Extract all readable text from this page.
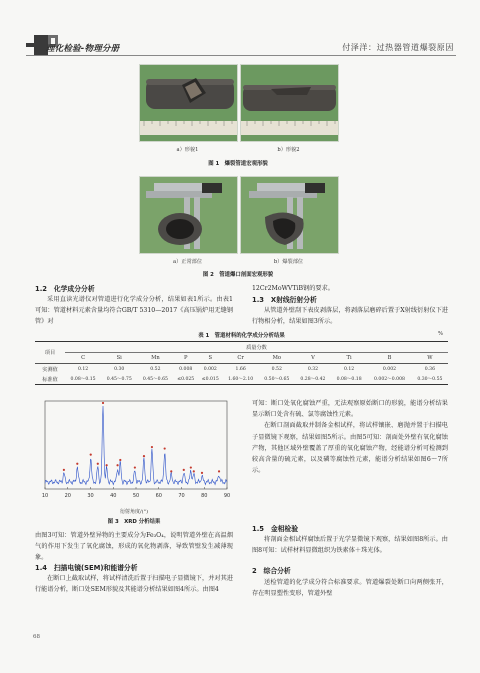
理化检验-物理分册	付泽洋：过热器管道爆裂原因
a）形貌1	b）形貌2
图 1　爆裂管道宏观形貌
a）正常部位	b）爆裂部位
图 2　管道爆口剖面宏观形貌
1.2　化学成分分析

采用直读光谱仪对管道进行化学成分分析，结果如表1所示。由表1可知：管道材料元素含量均符合GB/T 5310—2017《高压锅炉用无缝钢管》对

12Cr2MoWVTiB钢的要求。

1.3　X射线衍射分析

从管道外壁刮下表皮剥落层，将剥落层磨碎后置于X射线衍射仪下进行物相分析，结果如图3所示。

表 1　管道材料的化学成分分析结果	%
项目	质量分数										
	C	Si	Mn	P	S	Cr	Mo	V	Ti	B	W
实测值	0.12	0.30	0.52	0.008	0.002	1.66	0.52	0.32	0.12	0.002	0.36
标准值	0.08～0.15	0.45～0.75	0.45～0.65	≤0.025	≤0.015	1.60～2.10	0.50～0.65	0.28～0.42	0.08～0.18	0.002～0.008	0.30～0.55
10	20	30	40	50	60	70	80	90
衍射角度/(°)
图 3　XRD 分析结果

由图3可知：管道外壁异物的主要成分为Fe₃O₄，说明管道外壁在高温烟气的作用下发生了氧化腐蚀，形成的氧化物剥落，导致管壁发生减薄现象。

1.4　扫描电镜(SEM)和能谱分析

在断口上截取试样，将试样清洗后置于扫描电子显微镜下，并对其进行能谱分析，断口处SEM形貌及其能谱分析结果如图4所示。由图4

可知：断口处氧化腐蚀严重，无法观察原始断口的形貌，能谱分析结果显示断口处含有硫、氯等腐蚀性元素。

在断口剖面截取并制备金相试样，将试样镶嵌、磨抛并置于扫描电子显微镜下观察，结果如图5所示。由图5可知：剖面处外壁有氧化腐蚀产物，其他区域外壁覆盖了厚重的氧化腐蚀产物，经能谱分析可检测到较高含量的硫元素，以及磷等腐蚀性元素，能谱分析结果如图6～7所示。

1.5　金相检验

将剖面金相试样腐蚀后置于光学显微镜下观察，结果如图8所示。由图8可知：试样材料显微组织为铁素体＋珠光体。

2　综合分析

送检管道的化学成分符合标准要求。管道爆裂处断口向两侧张开，存在明显塑性变形，管道外壁

68
